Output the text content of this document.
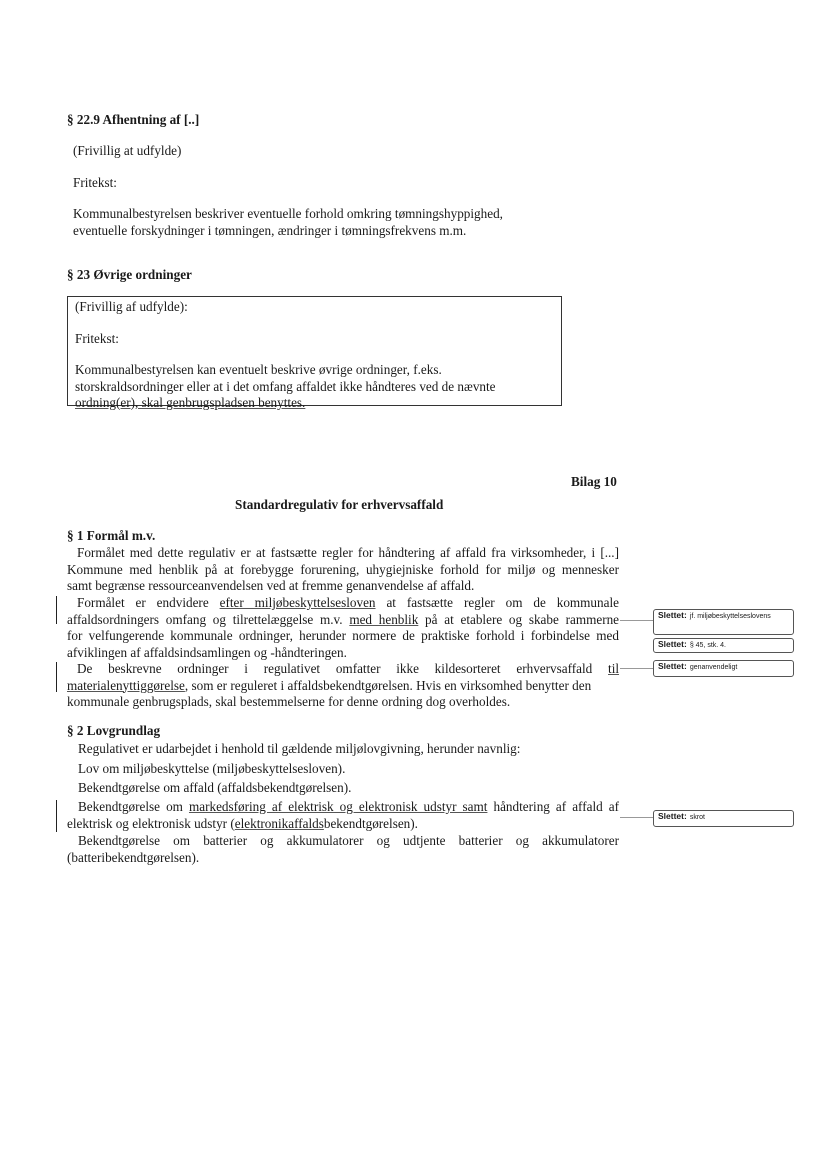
§ 22.9 Afhentning af [..]
(Frivillig at udfylde)
Fritekst:
Kommunalbestyrelsen beskriver eventuelle forhold omkring tømningshyppighed,
eventuelle forskydninger i tømningen, ændringer i tømningsfrekvens m.m.
§ 23 Øvrige ordninger
(Frivillig af udfylde):
Fritekst:
Kommunalbestyrelsen kan eventuelt beskrive øvrige ordninger, f.eks.
storskraldsordninger eller at i det omfang affaldet ikke håndteres ved de nævnte
ordning(er), skal genbrugspladsen benyttes.
Bilag 10
Standardregulativ for erhvervsaffald
§ 1 Formål m.v.
Formålet med dette regulativ er at fastsætte regler for håndtering af affald fra virksomheder, i [...]
Kommune med henblik på at forebygge forurening, uhygiejniske forhold for miljø og mennesker
samt begrænse ressourceanvendelsen ved at fremme genanvendelse af affald.
Formålet er endvidere efter miljøbeskyttelsesloven at fastsætte regler om de kommunale
affaldsordningers omfang og tilrettelæggelse m.v. med henblik på at etablere og skabe rammerne
for velfungerende kommunale ordninger, herunder normere de praktiske forhold i forbindelse med
afviklingen af affaldsindsamlingen og -håndteringen.
De beskrevne ordninger i regulativet omfatter ikke kildesorteret erhvervsaffald til
materialenyttiggørelse, som er reguleret i affaldsbekendtgørelsen. Hvis en virksomhed benytter den
kommunale genbrugsplads, skal bestemmelserne for denne ordning dog overholdes.
§ 2 Lovgrundlag
Regulativet er udarbejdet i henhold til gældende miljølovgivning, herunder navnlig:
Lov om miljøbeskyttelse (miljøbeskyttelsesloven).
Bekendtgørelse om affald (affaldsbekendtgørelsen).
Bekendtgørelse om markedsføring af elektrisk og elektronisk udstyr samt håndtering af affald af
elektrisk og elektronisk udstyr (elektronikaffaldsbekendtgørelsen).
Bekendtgørelse om batterier og akkumulatorer og udtjente batterier og akkumulatorer
(batteribekendtgørelsen).
Slettet: jf. miljøbeskyttelseslovens
Slettet: § 45, stk. 4.
Slettet: genanvendeligt
Slettet: skrot
